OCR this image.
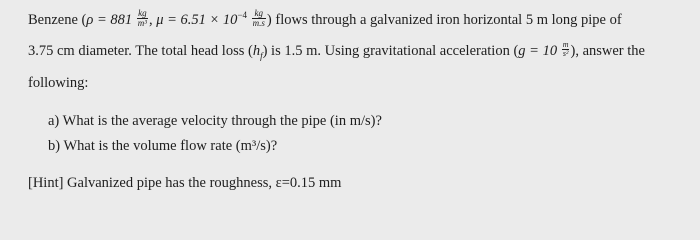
Benzene ($\rho = 881 \frac{kg}{\text{m³}}$ , $\mu = 6.51 \times 10^{-4} \frac{kg}{m.s}$ ) flows through a galvanized iron horizontal 5 m long pipe of
3.75 cm diameter. The total head loss $(h_f)$ is 1.5 m. Using gravitational acceleration ($g = 10 \frac{m}{\text{s²}}$ ), answer the
following:
a) What is the average velocity through the pipe (in m/s)?
b) What is the volume flow rate (m³/s)?
[Hint] Galvanized pipe has the roughness, ε=0.15 mm
